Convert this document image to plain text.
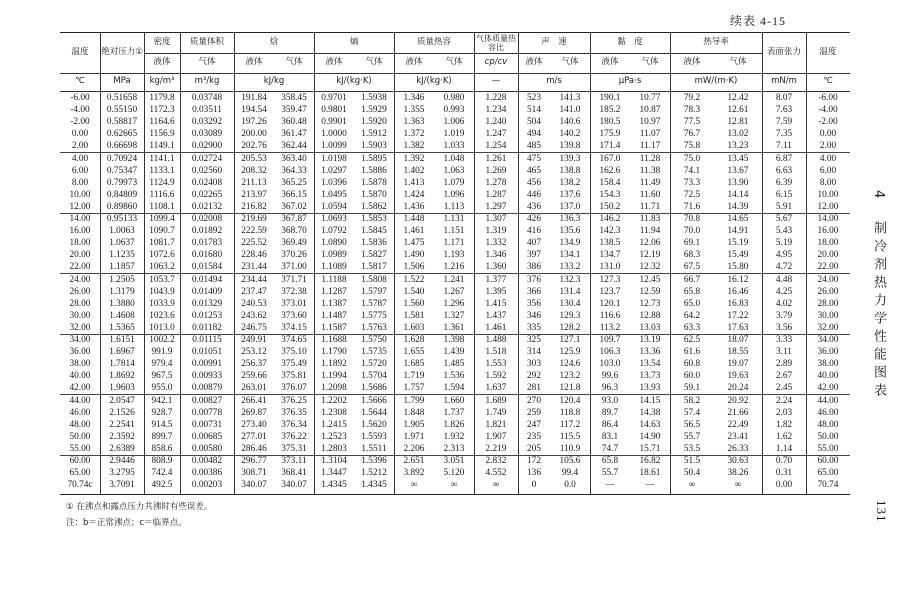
续表 4-15
温度	绝对压力①
密度	质量体积	焓	熵	质量热容	气体质量热容比
声　速	黏　度	热导率
表面张力	温度
液体	气体	液体	气体	液体	气体	液体	气体	cp/cv	液体	气体	液体	气体	液体	气体
℃	MPa	kg/m³	m³/kg	kJ/kg	kJ/(kg·K)	kJ/(kg·K)	—	m/s	μPa·s	mW/(m·K)	mN/m	℃
-6.00	0.51658	1179.8	0.03748	191.84	358.45	0.9701	1.5938	1.346	0.980	1.228	523	141.3	190.1	10.77	79.2	12.42	8.07	-6.00
-4.00	0.55150	1172.3	0.03511	194.54	359.47	0.9801	1.5929	1.355	0.993	1.234	514	141.0	185.2	10.87	78.3	12.61	7.63	-4.00
-2.00	0.58817	1164.6	0.03292	197.26	360.48	0.9901	1.5920	1.363	1.006	1.240	504	140.6	180.5	10.97	77.5	12.81	7.59	-2.00
0.00	0.62665	1156.9	0.03089	200.00	361.47	1.0000	1.5912	1.372	1.019	1.247	494	140.2	175.9	11.07	76.7	13.02	7.35	0.00
2.00	0.66698	1149.1	0.02900	202.76	362.44	1.0099	1.5903	1.382	1.033	1.254	485	139.8	171.4	11.17	75.8	13.23	7.11	2.00
4.00	0.70924	1141.1	0.02724	205.53	363.40	1.0198	1.5895	1.392	1.048	1.261	475	139.3	167.0	11.28	75.0	13.45	6.87	4.00
6.00	0.75347	1133.1	0.02560	208.32	364.33	1.0297	1.5886	1.402	1.063	1.269	465	138.8	162.6	11.38	74.1	13.67	6.63	6.00
8.00	0.79973	1124.9	0.02408	211.13	365.25	1.0396	1.5878	1.413	1.079	1.278	456	138.2	158.4	11.49	73.3	13.90	6.39	8.00
10.00	0.84809	1116.6	0.02265	213.97	366.15	1.0495	1.5870	1.424	1.096	1.287	446	137.6	154.3	11.60	72.5	14.14	6.15	10.00
12.00	0.89860	1108.1	0.02132	216.82	367.02	1.0594	1.5862	1.436	1.113	1.297	436	137.0	150.2	11.71	71.6	14.39	5.91	12.00
14.00	0.95133	1099.4	0.02008	219.69	367.87	1.0693	1.5853	1.448	1.131	1.307	426	136.3	146.2	11.83	70.8	14.65	5.67	14.00
16.00	1.0063	1090.7	0.01892	222.59	368.70	1.0792	1.5845	1.461	1.151	1.319	416	135.6	142.3	11.94	70.0	14.91	5.43	16.00
18.00	1.0637	1081.7	0.01783	225.52	369.49	1.0890	1.5836	1.475	1.171	1.332	407	134.9	138.5	12.06	69.1	15.19	5.19	18.00
20.00	1.1235	1072.6	0.01680	228.46	370.26	1.0989	1.5827	1.490	1.193	1.346	397	134.1	134.7	12.19	68.3	15.49	4.95	20.00
22.00	1.1857	1063.2	0.01584	231.44	371.00	1.1089	1.5817	1.506	1.216	1.360	386	133.2	131.0	12.32	67.5	15.80	4.72	22.00
24.00	1.2505	1053.7	0.01494	234.44	371.71	1.1188	1.5808	1.522	1.241	1.377	376	132.3	127.3	12.45	66.7	16.12	4.48	24.00
26.00	1.3179	1043.9	0.01409	237.47	372.38	1.1287	1.5797	1.540	1.267	1.395	366	131.4	123.7	12.59	65.8	16.46	4.25	26.00
28.00	1.3880	1033.9	0.01329	240.53	373.01	1.1387	1.5787	1.560	1.296	1.415	356	130.4	120.1	12.73	65.0	16.83	4.02	28.00
30.00	1.4608	1023.6	0.01253	243.62	373.60	1.1487	1.5775	1.581	1.327	1.437	346	129.3	116.6	12.88	64.2	17.22	3.79	30.00
32.00	1.5365	1013.0	0.01182	246.75	374.15	1.1587	1.5763	1.603	1.361	1.461	335	128.2	113.2	13.03	63.3	17.63	3.56	32.00
34.00	1.6151	1002.2	0.01115	249.91	374.65	1.1688	1.5750	1.628	1.398	1.488	325	127.1	109.7	13.19	62.5	18.07	3.33	34.00
36.00	1.6967	991.9	0.01051	253.12	375.10	1.1790	1.5735	1.655	1.439	1.518	314	125.9	106.3	13.36	61.6	18.55	3.11	36.00
38.00	1.7814	979.4	0.00991	256.37	375.49	1.1892	1.5720	1.685	1.485	1.553	303	124.6	103.0	13.54	60.8	19.07	2.89	38.00
40.00	1.8692	967.5	0.00933	259.66	375.81	1.1994	1.5704	1.719	1.536	1.592	292	123.2	99.6	13.73	60.0	19.63	2.67	40.00
42.00	1.9603	955.0	0.00879	263.01	376.07	1.2098	1.5686	1.757	1.594	1.637	281	121.8	96.3	13.93	59.1	20.24	2.45	42.00
44.00	2.0547	942.1	0.00827	266.41	376.25	1.2202	1.5666	1.799	1.660	1.689	270	120.4	93.0	14.15	58.2	20.92	2.24	44.00
46.00	2.1526	928.7	0.00778	269.87	376.35	1.2308	1.5644	1.848	1.737	1.749	259	118.8	89.7	14.38	57.4	21.66	2.03	46.00
48.00	2.2541	914.5	0.00731	273.40	376.34	1.2415	1.5620	1.905	1.826	1.821	247	117.2	86.4	14.63	56.5	22.49	1.82	48.00
50.00	2.3592	899.7	0.00685	277.01	376.22	1.2523	1.5593	1.971	1.932	1.907	235	115.5	83.1	14.90	55.7	23.41	1.62	50.00
55.00	2.6389	858.6	0.00580	286.46	375.31	1.2803	1.5511	2.206	2.313	2.219	205	110.9	74.7	15.71	53.5	26.33	1.14	55.00
60.00	2.9446	808.9	0.00482	296.77	373.11	1.3104	1.5396	2.651	3.051	2.832	172	105.6	65.8	16.82	51.5	30.63	0.70	60.00
65.00	3.2795	742.4	0.00386	308.71	368.41	1.3447	1.5212	3.892	5.120	4.552	136	99.4	55.7	18.61	50.4	38.26	0.31	65.00
70.74c	3.7091	492.5	0.00203	340.07	340.07	1.4345	1.4345	∞	∞	∞	0	0.0	—	—	∞	∞	0.00	70.74
① 在沸点和露点压力共沸时有些误差。
注：b＝正常沸点；c＝临界点。
4　制冷剂热力学性能图表
131
